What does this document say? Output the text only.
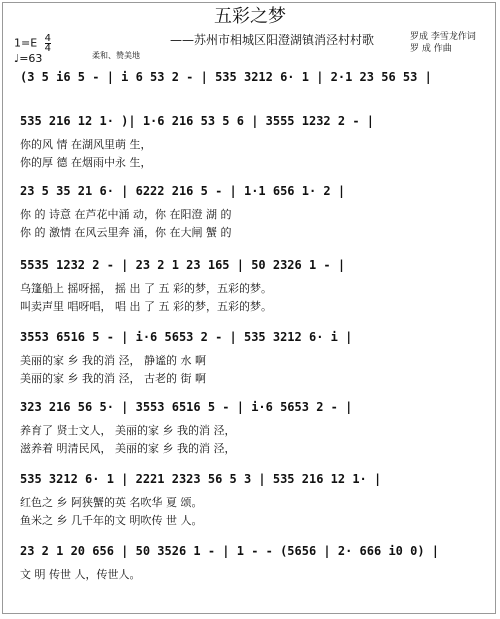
五彩之梦
——苏州市相城区阳澄湖镇消泾村村歌	罗成 李雪龙作词
罗 成 作曲
$1=E \frac{4}{4}$
♩=63	柔和、赞美地
(3 5 i6 5 - | i 6 53 2 - | 535 3212 6· 1 | 2·1 23 56 53 |
535 216 12 1· )| 1·6 216 53 5 6 | 3555 1232 2 - |
你的风 情 在湖风里萌 生，
你的厚 德 在烟雨中永 生，
23 5 35 21 6· | 6222 216 5 - | 1·1 656 1· 2 |
你 的 诗意 在芦花中涌 动，你 在阳澄 湖 的
你 的 激情 在风云里奔 涌，你 在大闸 蟹 的
5535 1232 2 - | 23 2 1 23 165 | 50 2326 1 - |
乌篷船上 摇呀摇， 摇 出 了 五 彩的梦，五彩的梦。
叫卖声里 唱呀唱， 唱 出 了 五 彩的梦，五彩的梦。
3553 6516 5 - | i·6 5653 2 - | 535 3212 6· i |
美丽的家 乡 我的消 泾， 静谧的 水 啊
美丽的家 乡 我的消 泾， 古老的 街 啊
323 216 56 5· | 3553 6516 5 - | i·6 5653 2 - |
养育了 贤士文人， 美丽的家 乡 我的消 泾，
滋养着 明清民风， 美丽的家 乡 我的消 泾，
535 3212 6· 1 | 2221 2323 56 5 3 | 535 216 12 1· |
红色之 乡 阿狭蟹的英 名吹华 夏 颂。
鱼米之 乡 几千年的文 明吹传 世 人。
23 2 1 20 656 | 50 3526 1 - | 1 - - (5656 | 2· 666 i0 0) |
文 明 传世 人，传世人。
